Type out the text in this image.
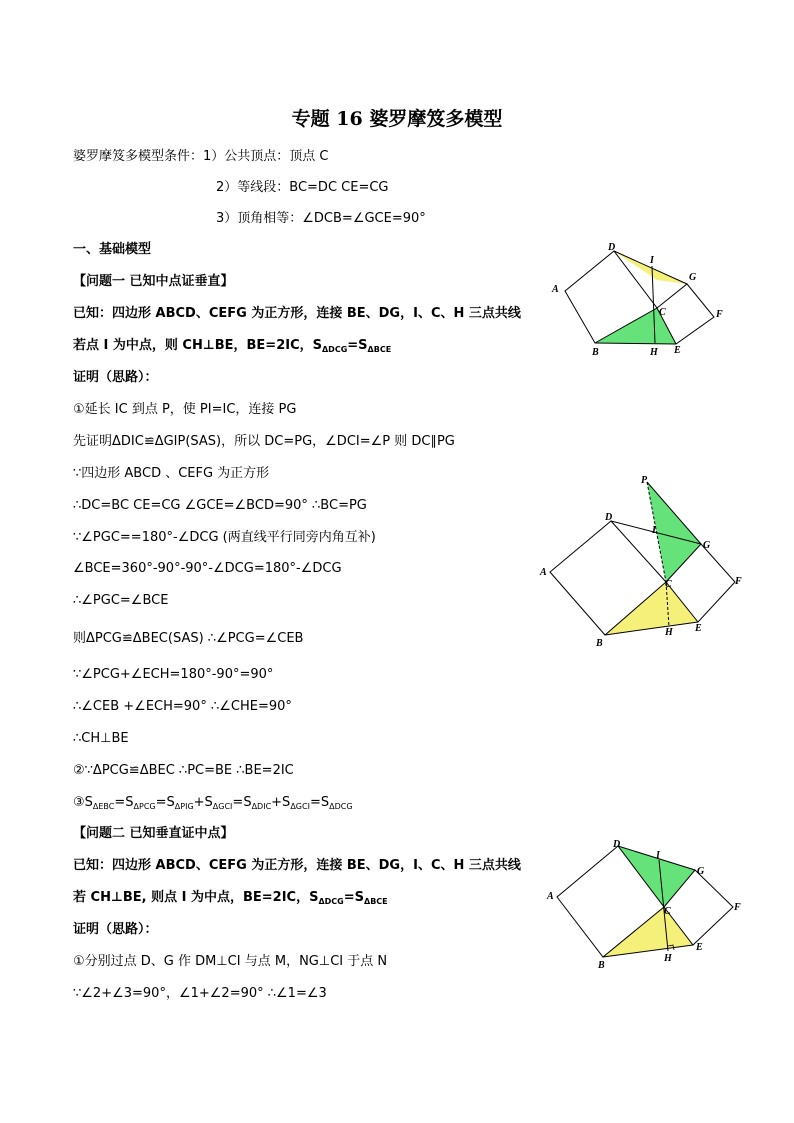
专题 16 婆罗摩笈多模型
婆罗摩笈多模型条件：1）公共顶点：顶点 C
2）等线段：BC=DC CE=CG
3）顶角相等：∠DCB=∠GCE=90°
一、基础模型
【问题一 已知中点证垂直】
已知：四边形 ABCD、CEFG 为正方形，连接 BE、DG，I、C、H 三点共线
若点 I 为中点，则 CH⊥BE，BE=2IC，$S_{\Delta DCG}=S_{\Delta BCE}$
证明（思路）：
①延长 IC 到点 P，使 PI=IC，连接 PG
先证明ΔDIC≌ΔGIP(SAS)，所以 DC=PG，∠DCI=∠P 则 DC∥PG
∵四边形 ABCD 、CEFG 为正方形
∴DC=BC CE=CG ∠GCE=∠BCD=90° ∴BC=PG
∵∠PGC==180°-∠DCG (两直线平行同旁内角互补)
∠BCE=360°-90°-90°-∠DCG=180°-∠DCG
∴∠PGC=∠BCE
则ΔPCG≌ΔBEC(SAS) ∴∠PCG=∠CEB
∵∠PCG+∠ECH=180°-90°=90°
∴∠CEB +∠ECH=90° ∴∠CHE=90°
∴CH⊥BE
②∵ΔPCG≌ΔBEC ∴PC=BE ∴BE=2IC
$③S_{\Delta EBC}=S_{\Delta PCG}=S_{\Delta PIG}+S_{\Delta GCI}=S_{\Delta DIC}+S_{\Delta GCI}=S_{\Delta DCG}$
【问题二 已知垂直证中点】
已知：四边形 ABCD、CEFG 为正方形，连接 BE、DG，I、C、H 三点共线
若 CH⊥BE, 则点 I 为中点，BE=2IC，$S_{\Delta DCG}=S_{\Delta BCE}$
证明（思路）：
①分别过点 D、G 作 DM⊥CI 与点 M，NG⊥CI 于点 N
∵∠2+∠3=90°，∠1+∠2=90° ∴∠1=∠3
D
I
G
A
C	F
B	H E
P
D
I
G
A
C	F
B
H E
D
I
G
A
C	F
B
H
E
